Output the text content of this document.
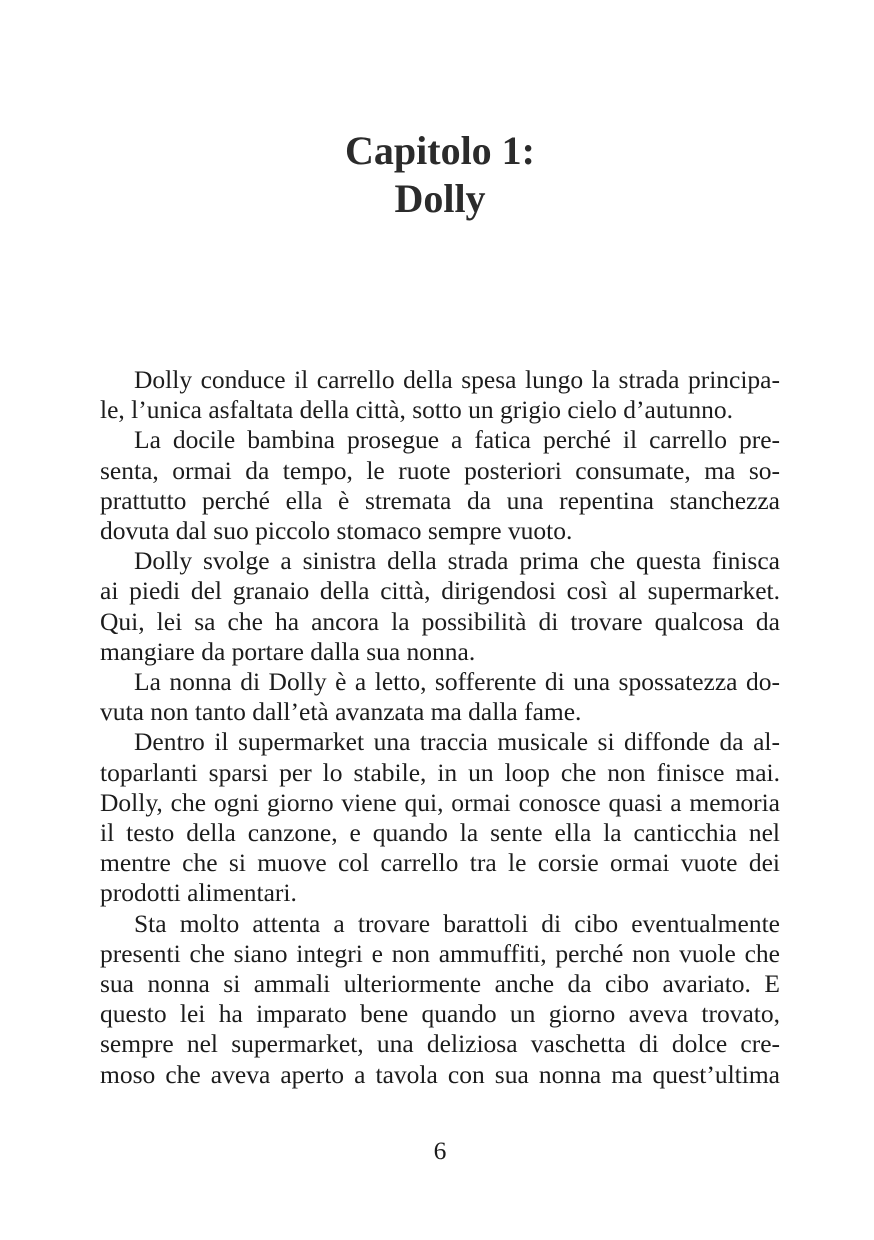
Capitolo 1:
Dolly
Dolly conduce il carrello della spesa lungo la strada principa-
le, l’unica asfaltata della città, sotto un grigio cielo d’autunno.
La docile bambina prosegue a fatica perché il carrello pre-
senta, ormai da tempo, le ruote posteriori consumate, ma so-
prattutto perché ella è stremata da una repentina stanchezza
dovuta dal suo piccolo stomaco sempre vuoto.
Dolly svolge a sinistra della strada prima che questa finisca
ai piedi del granaio della città, dirigendosi così al supermarket.
Qui, lei sa che ha ancora la possibilità di trovare qualcosa da
mangiare da portare dalla sua nonna.
La nonna di Dolly è a letto, sofferente di una spossatezza do-
vuta non tanto dall’età avanzata ma dalla fame.
Dentro il supermarket una traccia musicale si diffonde da al-
toparlanti sparsi per lo stabile, in un loop che non finisce mai.
Dolly, che ogni giorno viene qui, ormai conosce quasi a memoria
il testo della canzone, e quando la sente ella la canticchia nel
mentre che si muove col carrello tra le corsie ormai vuote dei
prodotti alimentari.
Sta molto attenta a trovare barattoli di cibo eventualmente
presenti che siano integri e non ammuffiti, perché non vuole che
sua nonna si ammali ulteriormente anche da cibo avariato. E
questo lei ha imparato bene quando un giorno aveva trovato,
sempre nel supermarket, una deliziosa vaschetta di dolce cre-
moso che aveva aperto a tavola con sua nonna ma quest’ultima
6
